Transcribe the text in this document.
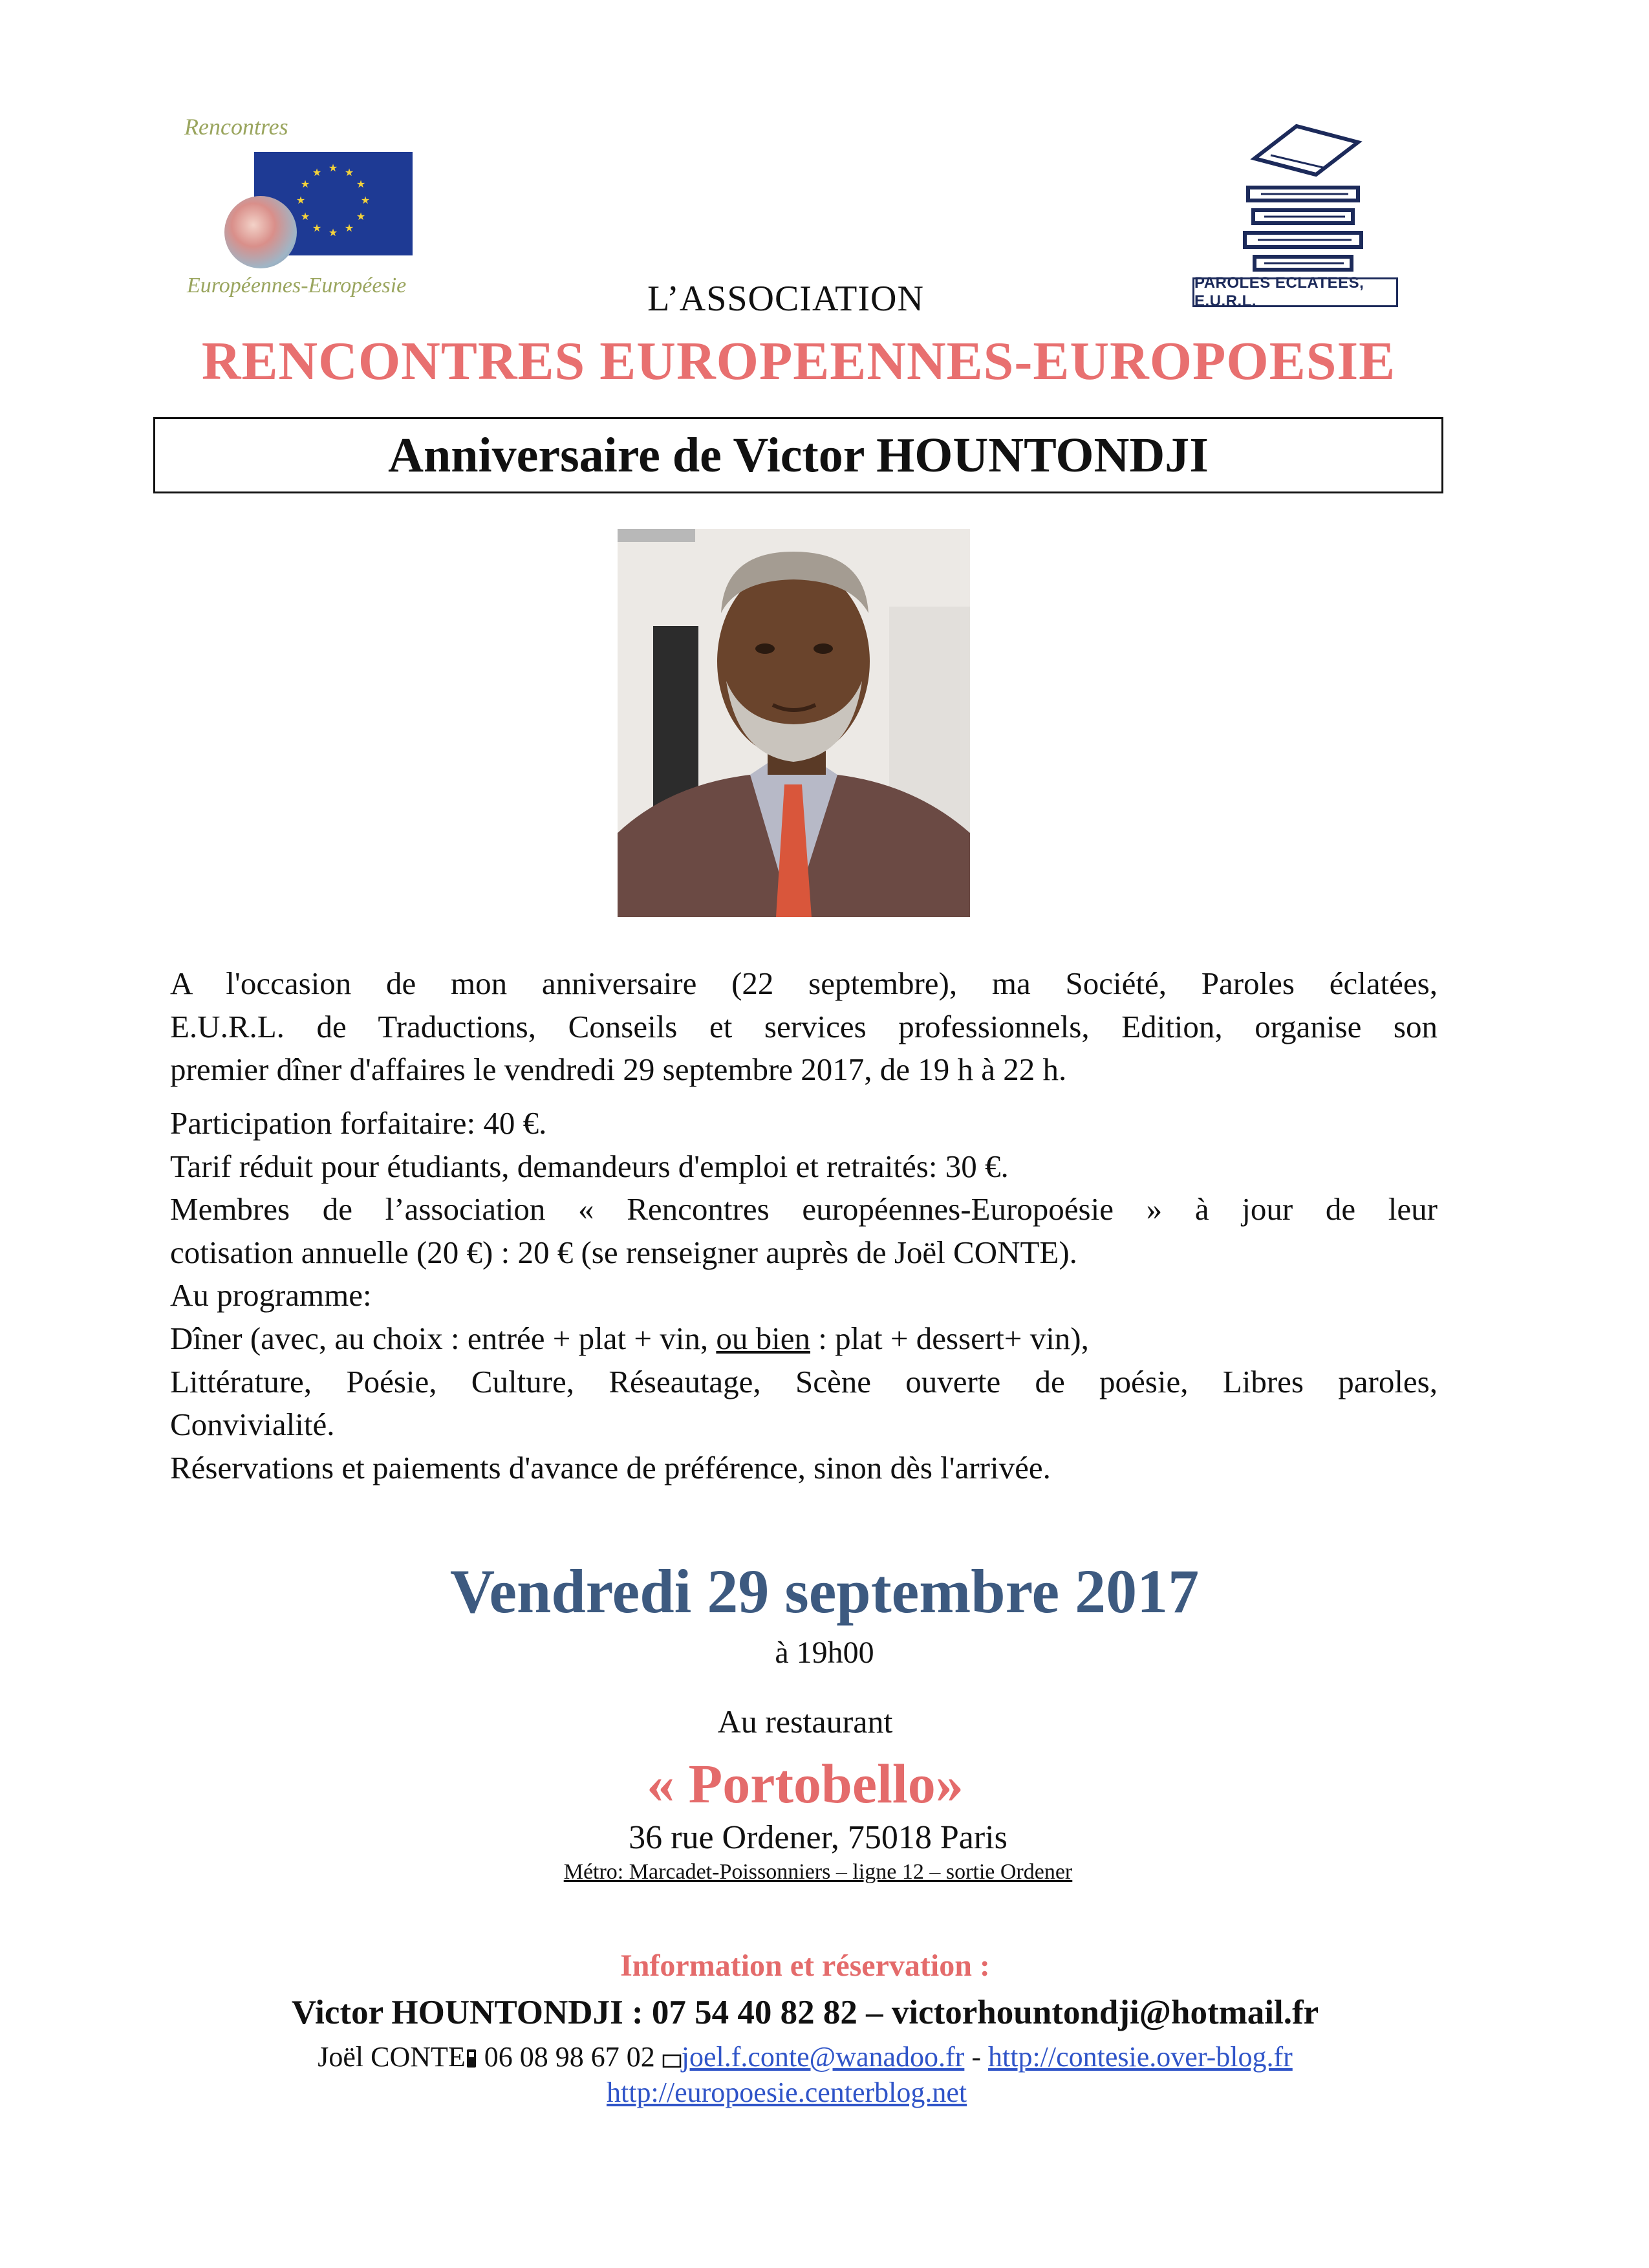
Rencontres
★ ★
★
★
★
★
★
★
★
★
★
★
Européennes-Européesie	PAROLES ECLATEES, E.U.R.L.
L’ASSOCIATION
RENCONTRES EUROPEENNES-EUROPOESIE
Anniversaire de Victor HOUNTONDJI

A l'occasion de mon anniversaire (22 septembre), ma Société, Paroles éclatées,

E.U.R.L. de Traductions, Conseils et services professionnels, Edition, organise son

premier dîner d'affaires le vendredi 29 septembre 2017, de 19 h à 22 h.

Participation forfaitaire: 40 €.

Tarif réduit pour étudiants, demandeurs d'emploi et retraités: 30 €.

Membres de l’association « Rencontres européennes-Europoésie » à jour de leur

cotisation annuelle (20 €) : 20 € (se renseigner auprès de Joël CONTE).

Au programme:

Dîner (avec, au choix : entrée + plat + vin, ou bien : plat + dessert+ vin),

Littérature, Poésie, Culture, Réseautage, Scène ouverte de poésie, Libres paroles,

Convivialité.

Réservations et paiements d'avance de préférence, sinon dès l'arrivée.

Vendredi 29 septembre 2017
à 19h00
Au restaurant
« Portobello»
36 rue Ordener, 75018 Paris
Métro: Marcadet-Poissonniers – ligne 12 – sortie Ordener
Information et réservation :
Victor HOUNTONDJI : 07 54 40 82 82 – victorhountondji@hotmail.fr
Joël CONTE 06 08 98 67 02 joel.f.conte@wanadoo.fr - http://contesie.over-blog.fr
http://europoesie.centerblog.net
